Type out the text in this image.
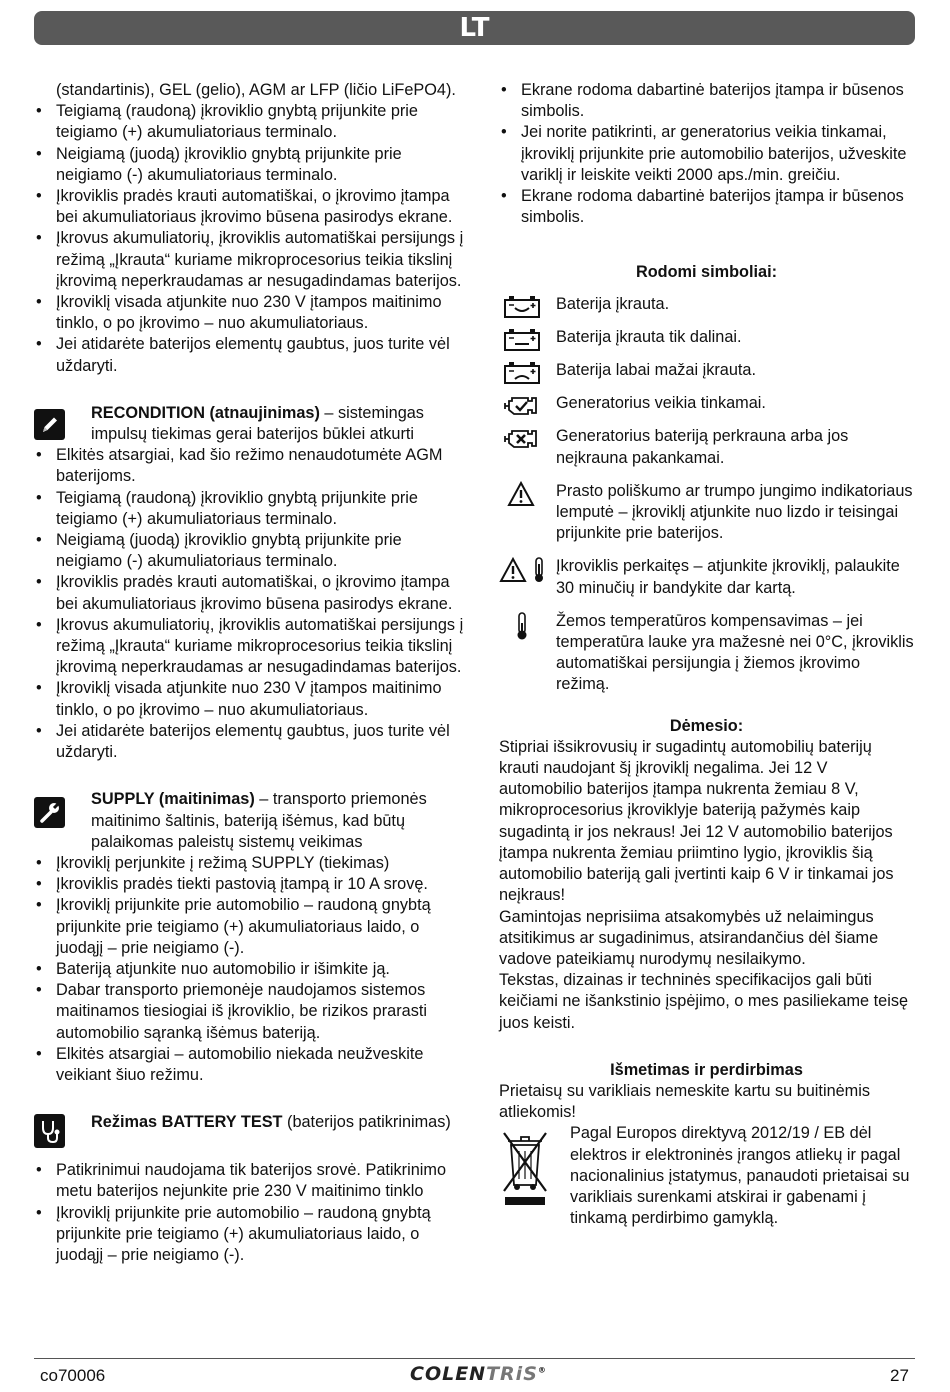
LT
(standartinis), GEL (gelio), AGM ar LFP (ličio LiFePO4).
• Teigiamą (raudoną) įkroviklio gnybtą prijunkite prie teigiamo (+) akumuliatoriaus terminalo.
• Neigiamą (juodą) įkroviklio gnybtą prijunkite prie neigiamo (-) akumuliatoriaus terminalo.
• Įkroviklis pradės krauti automatiškai, o įkrovimo įtampa bei akumuliatoriaus įkrovimo būsena pasirodys ekrane.
• Įkrovus akumuliatorių, įkroviklis automatiškai persijungs į režimą „Įkrauta“ kuriame mikroprocesorius teikia tikslinį įkrovimą neperkraudamas ar nesugadindamas baterijos.
• Įkroviklį visada atjunkite nuo 230 V įtampos maitinimo tinklo, o po įkrovimo – nuo akumuliatoriaus.
• Jei atidarėte baterijos elementų gaubtus, juos turite vėl uždaryti.
RECONDITION (atnaujinimas) – sistemingas impulsų tiekimas gerai baterijos būklei atkurti
• Elkitės atsargiai, kad šio režimo nenaudotumėte AGM baterijoms.
• Teigiamą (raudoną) įkroviklio gnybtą prijunkite prie teigiamo (+) akumuliatoriaus terminalo.
• Neigiamą (juodą) įkroviklio gnybtą prijunkite prie neigiamo (-) akumuliatoriaus terminalo.
• Įkroviklis pradės krauti automatiškai, o įkrovimo įtampa bei akumuliatoriaus įkrovimo būsena pasirodys ekrane.
• Įkrovus akumuliatorių, įkroviklis automatiškai persijungs į režimą „Įkrauta“ kuriame mikroprocesorius teikia tikslinį įkrovimą neperkraudamas ar nesugadindamas baterijos.
• Įkroviklį visada atjunkite nuo 230 V įtampos maitinimo tinklo, o po įkrovimo – nuo akumuliatoriaus.
• Jei atidarėte baterijos elementų gaubtus, juos turite vėl uždaryti.
SUPPLY (maitinimas) – transporto priemonės maitinimo šaltinis, bateriją išėmus, kad būtų palaikomas paleistų sistemų veikimas
• Įkroviklį perjunkite į režimą SUPPLY (tiekimas)
• Įkroviklis pradės tiekti pastovią įtampą ir 10 A srovę.
• Įkroviklį prijunkite prie automobilio – raudoną gnybtą prijunkite prie teigiamo (+) akumuliatoriaus laido, o juodąjį – prie neigiamo (-).
• Bateriją atjunkite nuo automobilio ir išimkite ją.
• Dabar transporto priemonėje naudojamos sistemos maitinamos tiesiogiai iš įkroviklio, be rizikos prarasti automobilio sąranką išėmus bateriją.
• Elkitės atsargiai – automobilio niekada neužveskite veikiant šiuo režimu.
Režimas BATTERY TEST (baterijos patikrinimas)
• Patikrinimui naudojama tik baterijos srovė. Patikrinimo metu baterijos nejunkite prie 230 V maitinimo tinklo
• Įkroviklį prijunkite prie automobilio – raudoną gnybtą prijunkite prie teigiamo (+) akumuliatoriaus laido, o juodąjį – prie neigiamo (-).
• Ekrane rodoma dabartinė baterijos įtampa ir būsenos simbolis.
• Jei norite patikrinti, ar generatorius veikia tinkamai, įkroviklį prijunkite prie automobilio baterijos, užveskite variklį ir leiskite veikti 2000 aps./min. greičiu.
• Ekrane rodoma dabartinė baterijos įtampa ir būsenos simbolis.
Rodomi simboliai:
Baterija įkrauta.
Baterija įkrauta tik dalinai.
Baterija labai mažai įkrauta.
Generatorius veikia tinkamai.
Generatorius bateriją perkrauna arba jos neįkrauna pakankamai.
Prasto poliškumo ar trumpo jungimo indikatoriaus lemputė – įkroviklį atjunkite nuo lizdo ir teisingai prijunkite prie baterijos.
Įkroviklis perkaitęs – atjunkite įkroviklį, palaukite 30 minučių ir bandykite dar kartą.
Žemos temperatūros kompensavimas – jei temperatūra lauke yra mažesnė nei 0°C, įkroviklis automatiškai persijungia į žiemos įkrovimo režimą.
Dėmesio:

Stipriai išsikrovusių ir sugadintų automobilių baterijų krauti naudojant šį įkroviklį negalima. Jei 12 V automobilio baterijos įtampa nukrenta žemiau 8 V, mikroprocesorius įkroviklyje bateriją pažymės kaip sugadintą ir jos nekraus! Jei 12 V automobilio baterijos įtampa nukrenta žemiau priimtino lygio, įkroviklis šią automobilio bateriją gali įvertinti kaip 6 V ir tinkamai jos neįkraus!

Gamintojas neprisiima atsakomybės už nelaimingus atsitikimus ar sugadinimus, atsirandančius dėl šiame vadove pateikiamų nurodymų nesilaikymo.

Tekstas, dizainas ir techninės specifikacijos gali būti keičiami ne išankstinio įspėjimo, o mes pasiliekame teisę juos keisti.

Išmetimas ir perdirbimas

Prietaisų su varikliais nemeskite kartu su buitinėmis atliekomis!

Pagal Europos direktyvą 2012/19 / EB dėl elektros ir elektroninės įrangos atliekų ir pagal nacionalinius įstatymus, panaudoti prietaisai su varikliais surenkami atskirai ir gabenami į tinkamą perdirbimo gamyklą.

co70006	COLENTRiS®	27
